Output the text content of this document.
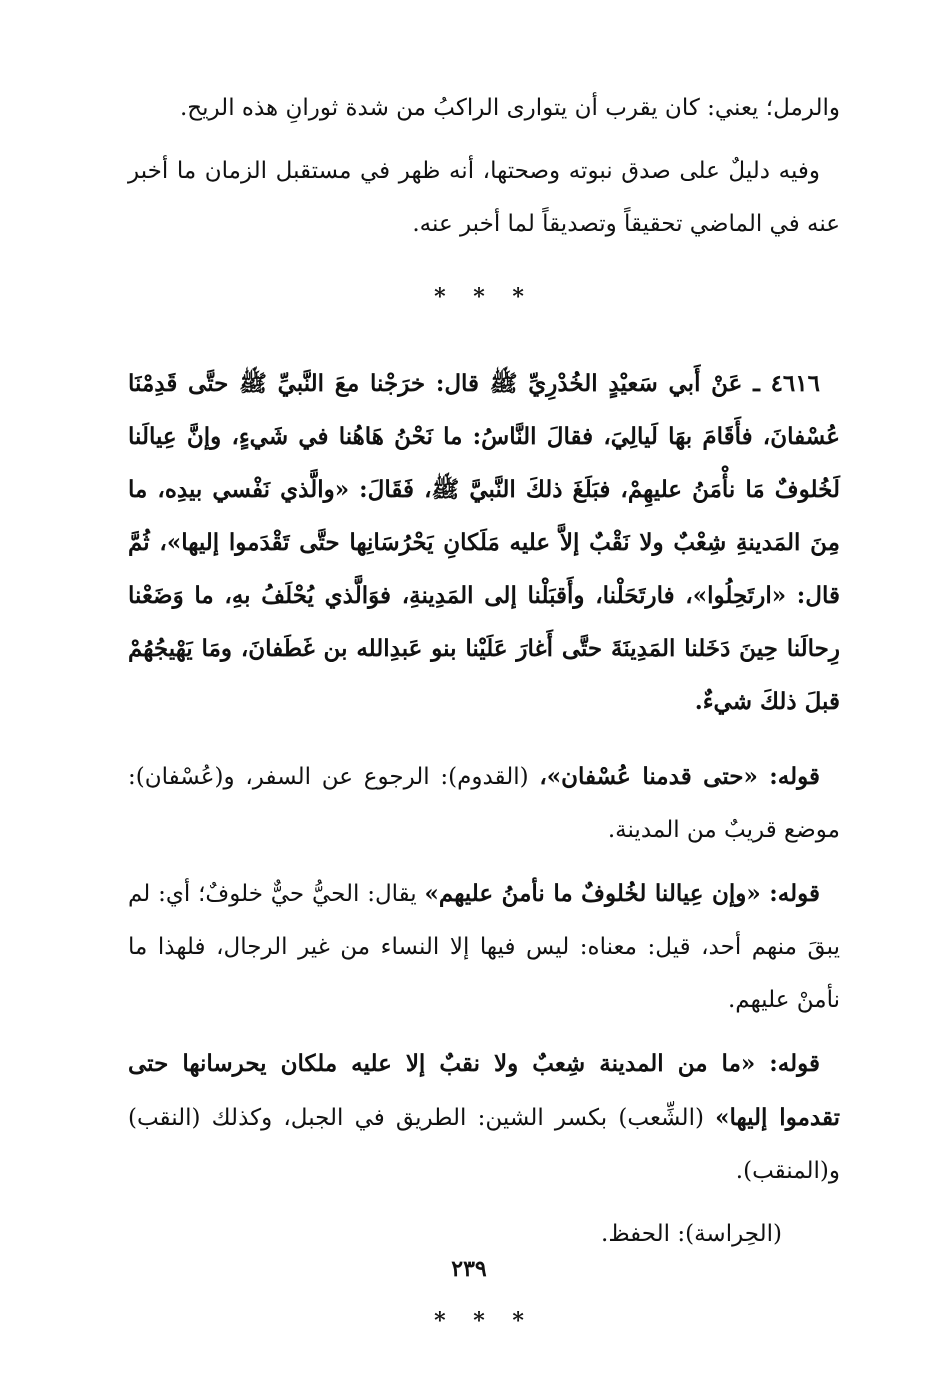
والرمل؛ يعني: كان يقرب أن يتوارى الراكبُ من شدة ثورانِ هذه الريح.

وفيه دليلٌ على صدق نبوته وصحتها، أنه ظهر في مستقبل الزمان ما أخبر عنه في الماضي تحقيقاً وتصديقاً لما أخبر عنه.

* * *

٤٦١٦ ـ عَنْ أَبي سَعيْدٍ الخُدْرِيِّ ﷺ قال: خرَجْنا معَ النَّبيِّ ﷺ حتَّى قَدِمْنَا عُسْفانَ، فأَقَامَ بهَا لَيالِيَ، فقالَ النَّاسُ: ما نَحْنُ هَاهُنا في شَيءٍ، وإنَّ عِيالَنا لَخُلوفٌ مَا نأْمَنُ عليهِمْ، فبَلَغَ ذلكَ النَّبيَّ ﷺ، فَقَالَ: «والَّذي نَفْسي بيدِه، ما مِنَ المَدينةِ شِعْبٌ ولا نَقْبٌ إلاَّ عليه مَلَكانِ يَحْرُسَانِها حتَّى تَقْدَموا إليها»، ثُمَّ قال: «ارتَحِلُوا»، فارتَحَلْنا، وأَقبَلْنا إلى المَدِينةِ، فوَالَّذي يُحْلَفُ بهِ، ما وَضَعْنا رِحالَنا حِينَ دَخَلنا المَدِينَةَ حتَّى أَغارَ عَلَيْنا بنو عَبدِالله بن غَطَفانَ، ومَا يَهْيجُهُمْ قبلَ ذلكَ شيءٌ.

قوله: «حتى قدمنا عُسْفان»، (القدوم): الرجوع عن السفر، و(عُسْفان): موضع قريبٌ من المدينة.

قوله: «وإن عِيالنا لخُلوفٌ ما نأمنُ عليهم» يقال: الحيُّ حيٌّ خلوفٌ؛ أي: لم يبقَ منهم أحد، قيل: معناه: ليس فيها إلا النساء من غير الرجال، فلهذا ما نأمنْ عليهم.

قوله: «ما من المدينة شِعبٌ ولا نقبٌ إلا عليه ملكان يحرسانها حتى تقدموا إليها» (الشِّعب) بكسر الشين: الطريق في الجبل، وكذلك (النقب) و(المنقب).

(الحِراسة): الحفظ.

* * *
٢٣٩
